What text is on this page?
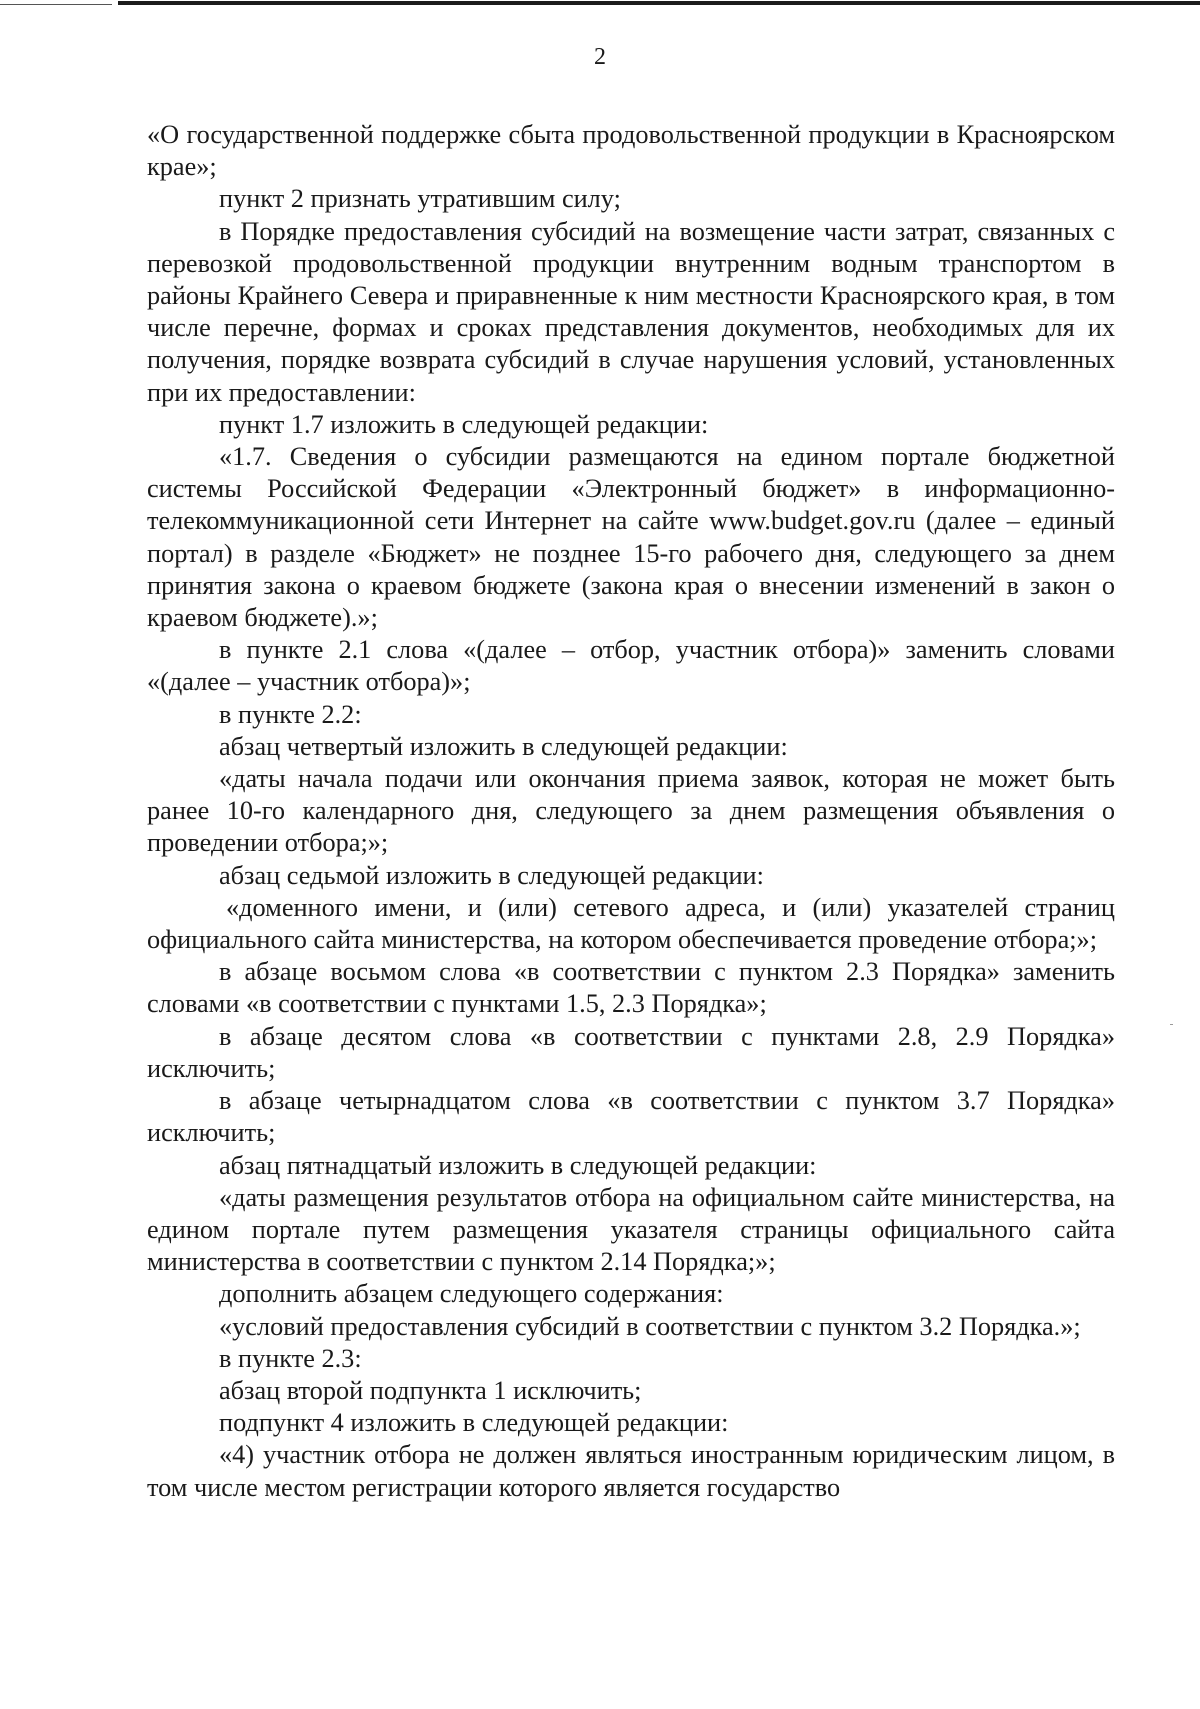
2

«О государственной поддержке сбыта продовольственной продукции в Красноярском крае»;

пункт 2 признать утратившим силу;

в Порядке предоставления субсидий на возмещение части затрат, связанных с перевозкой продовольственной продукции внутренним водным транспортом в районы Крайнего Севера и приравненные к ним местности Красноярского края, в том числе перечне, формах и сроках представления документов, необходимых для их получения, порядке возврата субсидий в случае нарушения условий, установленных при их предоставлении:

пункт 1.7 изложить в следующей редакции:

«1.7. Сведения о субсидии размещаются на едином портале бюджетной системы Российской Федерации «Электронный бюджет» в информационно-телекоммуникационной сети Интернет на сайте www.budget.gov.ru (далее – единый портал) в разделе «Бюджет» не позднее 15-го рабочего дня, следующего за днем принятия закона о краевом бюджете (закона края о внесении изменений в закон о краевом бюджете).»;

в пункте 2.1 слова «(далее – отбор, участник отбора)» заменить словами «(далее – участник отбора)»;

в пункте 2.2:

абзац четвертый изложить в следующей редакции:

«даты начала подачи или окончания приема заявок, которая не может быть ранее 10-го календарного дня, следующего за днем размещения объявления о проведении отбора;»;

абзац седьмой изложить в следующей редакции:

«доменного имени, и (или) сетевого адреса, и (или) указателей страниц официального сайта министерства, на котором обеспечивается проведение отбора;»;

в абзаце восьмом слова «в соответствии с пунктом 2.3 Порядка» заменить словами «в соответствии с пунктами 1.5, 2.3 Порядка»;

в абзаце десятом слова «в соответствии с пунктами 2.8, 2.9 Порядка» исключить;

в абзаце четырнадцатом слова «в соответствии с пунктом 3.7 Порядка» исключить;

абзац пятнадцатый изложить в следующей редакции:

«даты размещения результатов отбора на официальном сайте министерства, на едином портале путем размещения указателя страницы официального сайта министерства в соответствии с пунктом 2.14 Порядка;»;

дополнить абзацем следующего содержания:

«условий предоставления субсидий в соответствии с пунктом 3.2 Порядка.»;

в пункте 2.3:

абзац второй подпункта 1 исключить;

подпункт 4 изложить в следующей редакции:

«4) участник отбора не должен являться иностранным юридическим лицом, в том числе местом регистрации которого является государство
